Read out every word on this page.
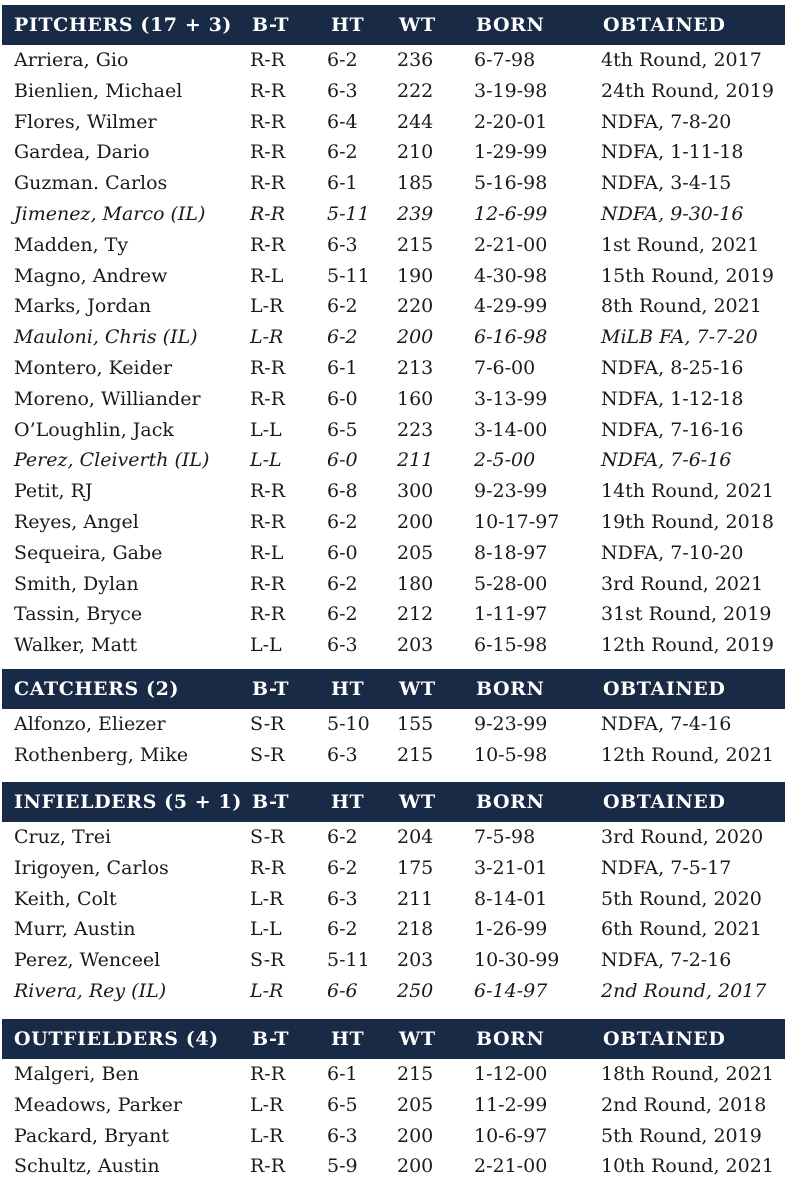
PITCHERS (17 + 3) B-T HT WT BORN	OBTAINED
Arriera, Gio	R-R 6-2 236 6-7-98	4th Round, 2017
Bienlien, Michael	R-R 6-3 222 3-19-98	24th Round, 2019
Flores, Wilmer	R-R 6-4 244 2-20-01	NDFA, 7-8-20
Gardea, Dario	R-R 6-2 210 1-29-99	NDFA, 1-11-18
Guzman. Carlos	R-R 6-1 185 5-16-98	NDFA, 3-4-15
Jimenez, Marco (IL) R-R 5-11 239 12-6-99	NDFA, 9-30-16
Madden, Ty	R-R 6-3 215 2-21-00	1st Round, 2021
Magno, Andrew	R-L 5-11 190 4-30-98	15th Round, 2019
Marks, Jordan	L-R 6-2 220 4-29-99	8th Round, 2021
Mauloni, Chris (IL)	L-R 6-2 200 6-16-98	MiLB FA, 7-7-20
Montero, Keider	R-R 6-1 213 7-6-00	NDFA, 8-25-16
Moreno, Williander	R-R 6-0 160 3-13-99	NDFA, 1-12-18
O’Loughlin, Jack	L-L 6-5 223 3-14-00	NDFA, 7-16-16
Perez, Cleiverth (IL) L-L 6-0 211 2-5-00	NDFA, 7-6-16
Petit, RJ	R-R 6-8 300 9-23-99	14th Round, 2021
Reyes, Angel	R-R 6-2 200 10-17-97 19th Round, 2018
Sequeira, Gabe	R-L 6-0 205 8-18-97	NDFA, 7-10-20
Smith, Dylan	R-R 6-2 180 5-28-00	3rd Round, 2021
Tassin, Bryce	R-R 6-2 212 1-11-97	31st Round, 2019
Walker, Matt	L-L 6-3 203 6-15-98	12th Round, 2019
CATCHERS (2)	B-T HT WT BORN	OBTAINED
Alfonzo, Eliezer	S-R 5-10 155 9-23-99	NDFA, 7-4-16
Rothenberg, Mike	S-R 6-3 215 10-5-98	12th Round, 2021
INFIELDERS (5 + 1) B-T HT WT BORN	OBTAINED
Cruz, Trei	S-R 6-2 204 7-5-98	3rd Round, 2020
Irigoyen, Carlos	R-R 6-2 175 3-21-01	NDFA, 7-5-17
Keith, Colt	L-R 6-3 211 8-14-01	5th Round, 2020
Murr, Austin	L-L 6-2 218 1-26-99	6th Round, 2021
Perez, Wenceel	S-R 5-11 203 10-30-99 NDFA, 7-2-16
Rivera, Rey (IL)	L-R 6-6 250 6-14-97	2nd Round, 2017
OUTFIELDERS (4) B-T HT WT BORN	OBTAINED
Malgeri, Ben	R-R 6-1 215 1-12-00	18th Round, 2021
Meadows, Parker	L-R 6-5 205 11-2-99	2nd Round, 2018
Packard, Bryant	L-R 6-3 200 10-6-97	5th Round, 2019
Schultz, Austin	R-R 5-9 200 2-21-00	10th Round, 2021
